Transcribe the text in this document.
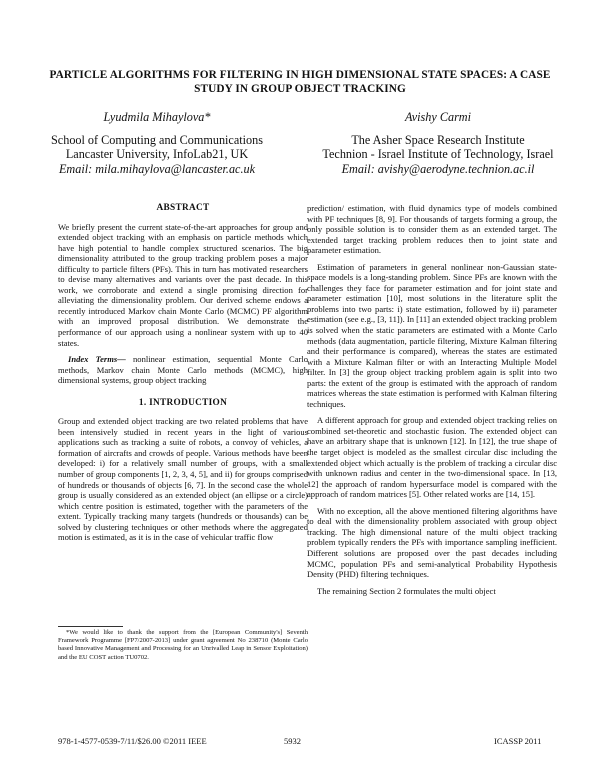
PARTICLE ALGORITHMS FOR FILTERING IN HIGH DIMENSIONAL STATE SPACES: A CASE STUDY IN GROUP OBJECT TRACKING
Lyudmila Mihaylova*
School of Computing and Communications
Lancaster University, InfoLab21, UK
Email: mila.mihaylova@lancaster.ac.uk
Avishy Carmi
The Asher Space Research Institute
Technion - Israel Institute of Technology, Israel
Email: avishy@aerodyne.technion.ac.il
ABSTRACT

We briefly present the current state-of-the-art approaches for group and extended object tracking with an emphasis on particle methods which have high potential to handle complex structured scenarios. The big dimensionality attributed to the group tracking problem poses a major difficulty to particle filters (PFs). This in turn has motivated researchers to devise many alternatives and variants over the past decade. In this work, we corroborate and extend a single promising direction for alleviating the dimensionality problem. Our derived scheme endows a recently introduced Markov chain Monte Carlo (MCMC) PF algorithm with an improved proposal distribution. We demonstrate the performance of our approach using a nonlinear system with up to 40 states.

Index Terms— nonlinear estimation, sequential Monte Carlo methods, Markov chain Monte Carlo methods (MCMC), high dimensional systems, group object tracking

1. INTRODUCTION

Group and extended object tracking are two related problems that have been intensively studied in recent years in the light of various applications such as tracking a suite of robots, a convoy of vehicles, a formation of aircrafts and crowds of people. Various methods have been developed: i) for a relatively small number of groups, with a small number of group components [1, 2, 3, 4, 5], and ii) for groups comprised of hundreds or thousands of objects [6, 7]. In the second case the whole group is usually considered as an extended object (an ellipse or a circle) which centre position is estimated, together with the parameters of the extent. Typically tracking many targets (hundreds or thousands) can be solved by clustering techniques or other methods where the aggregated motion is estimated, as it is in the case of vehicular traffic flow

prediction/ estimation, with fluid dynamics type of models combined with PF techniques [8, 9]. For thousands of targets forming a group, the only possible solution is to consider them as an extended target. The extended target tracking problem reduces then to joint state and parameter estimation.

Estimation of parameters in general nonlinear non-Gaussian state-space models is a long-standing problem. Since PFs are known with the challenges they face for parameter estimation and for joint state and parameter estimation [10], most solutions in the literature split the problems into two parts: i) state estimation, followed by ii) parameter estimation (see e.g., [3, 11]). In [11] an extended object tracking problem is solved when the static parameters are estimated with a Monte Carlo methods (data augmentation, particle filtering, Mixture Kalman filtering and their performance is compared), whereas the states are estimated with a Mixture Kalman filter or with an Interacting Multiple Model filter. In [3] the group object tracking problem again is split into two parts: the extent of the group is estimated with the approach of random matrices whereas the state estimation is performed with Kalman filtering techniques.

A different approach for group and extended object tracking relies on combined set-theoretic and stochastic fusion. The extended object can have an arbitrary shape that is unknown [12]. In [12], the true shape of the target object is modeled as the smallest circular disc including the extended object which actually is the problem of tracking a circular disc with unknown radius and center in the two-dimensional space. In [13, 12] the approach of random hypersurface model is compared with the approach of random matrices [5]. Other related works are [14, 15].

With no exception, all the above mentioned filtering algorithms have to deal with the dimensionality problem associated with group object tracking. The high dimensional nature of the multi object tracking problem typically renders the PFs with importance sampling inefficient. Different solutions are proposed over the past decades including MCMC, population PFs and semi-analytical Probability Hypothesis Density (PHD) filtering techniques.

The remaining Section 2 formulates the multi object

*We would like to thank the support from the [European Community's] Seventh Framework Programme [FP7/2007-2013] under grant agreement No 238710 (Monte Carlo based Innovative Management and Processing for an Unrivalled Leap in Sensor Exploitation) and the EU COST action TU0702.
978-1-4577-0539-7/11/$26.00 ©2011 IEEE	5932	ICASSP 2011
